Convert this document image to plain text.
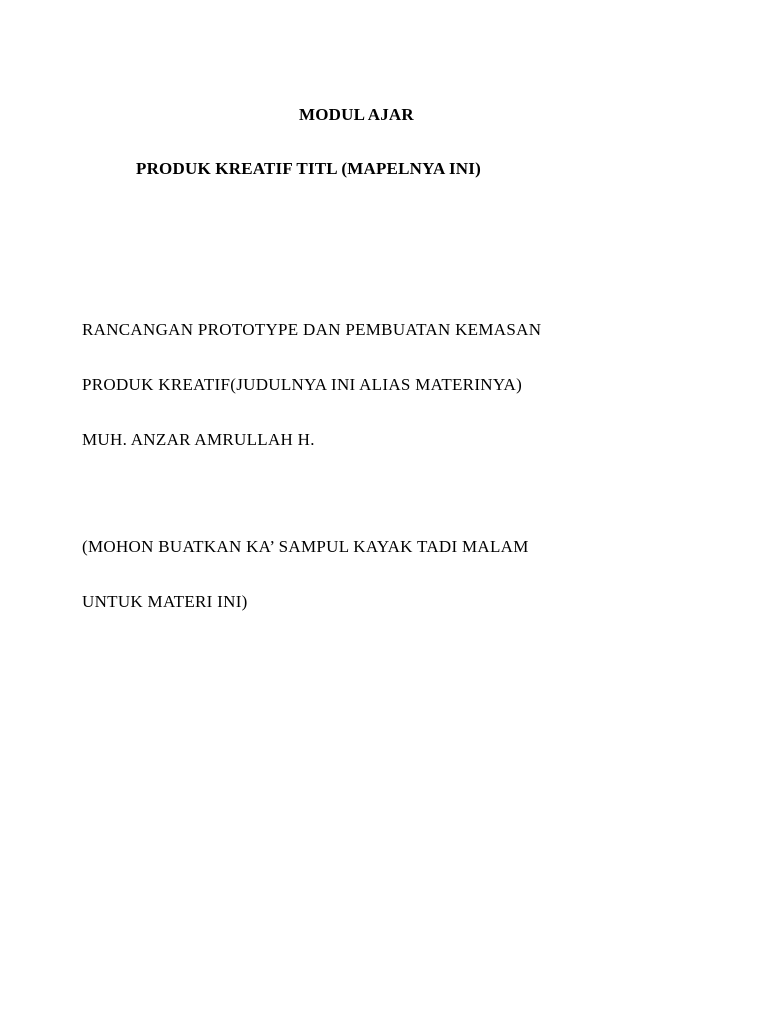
MODUL AJAR
PRODUK KREATIF TITL (MAPELNYA INI)
RANCANGAN PROTOTYPE DAN PEMBUATAN KEMASAN
PRODUK KREATIF(JUDULNYA INI ALIAS MATERINYA)
MUH. ANZAR AMRULLAH H.
(MOHON BUATKAN KA’ SAMPUL KAYAK TADI MALAM
UNTUK MATERI INI)
